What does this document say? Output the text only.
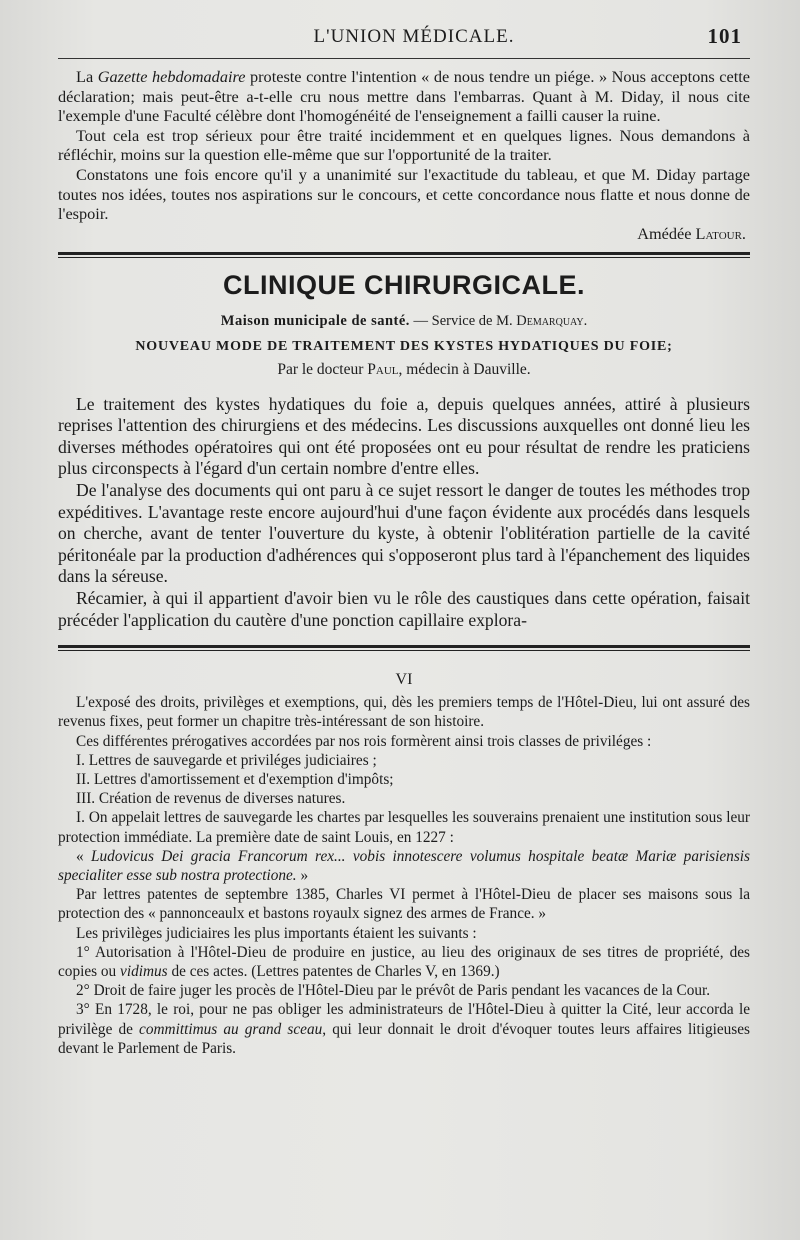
L'UNION MÉDICALE.	101

La Gazette hebdomadaire proteste contre l'intention « de nous tendre un piége. » Nous acceptons cette déclaration; mais peut-être a-t-elle cru nous mettre dans l'embarras. Quant à M. Diday, il nous cite l'exemple d'une Faculté célèbre dont l'homogénéité de l'enseignement a failli causer la ruine.

Tout cela est trop sérieux pour être traité incidemment et en quelques lignes. Nous demandons à réfléchir, moins sur la question elle-même que sur l'opportunité de la traiter.

Constatons une fois encore qu'il y a unanimité sur l'exactitude du tableau, et que M. Diday partage toutes nos idées, toutes nos aspirations sur le concours, et cette concordance nous flatte et nous donne de l'espoir.

Amédée Latour.
CLINIQUE CHIRURGICALE.
Maison municipale de santé. — Service de M. Demarquay.
NOUVEAU MODE DE TRAITEMENT DES KYSTES HYDATIQUES DU FOIE;
Par le docteur Paul, médecin à Dauville.

Le traitement des kystes hydatiques du foie a, depuis quelques années, attiré à plusieurs reprises l'attention des chirurgiens et des médecins. Les discussions auxquelles ont donné lieu les diverses méthodes opératoires qui ont été proposées ont eu pour résultat de rendre les praticiens plus circonspects à l'égard d'un certain nombre d'entre elles.

De l'analyse des documents qui ont paru à ce sujet ressort le danger de toutes les méthodes trop expéditives. L'avantage reste encore aujourd'hui d'une façon évidente aux procédés dans lesquels on cherche, avant de tenter l'ouverture du kyste, à obtenir l'oblitération partielle de la cavité péritonéale par la production d'adhérences qui s'opposeront plus tard à l'épanchement des liquides dans la séreuse.

Récamier, à qui il appartient d'avoir bien vu le rôle des caustiques dans cette opération, faisait précéder l'application du cautère d'une ponction capillaire explora-

VI

L'exposé des droits, privilèges et exemptions, qui, dès les premiers temps de l'Hôtel-Dieu, lui ont assuré des revenus fixes, peut former un chapitre très-intéressant de son histoire.

Ces différentes prérogatives accordées par nos rois formèrent ainsi trois classes de priviléges :

I. Lettres de sauvegarde et priviléges judiciaires ;

II. Lettres d'amortissement et d'exemption d'impôts;

III. Création de revenus de diverses natures.

I. On appelait lettres de sauvegarde les chartes par lesquelles les souverains prenaient une institution sous leur protection immédiate. La première date de saint Louis, en 1227 :

« Ludovicus Dei gracia Francorum rex... vobis innotescere volumus hospitale beatæ Mariæ parisiensis specialiter esse sub nostra protectione. »

Par lettres patentes de septembre 1385, Charles VI permet à l'Hôtel-Dieu de placer ses maisons sous la protection des « pannonceaulx et bastons royaulx signez des armes de France. »

Les privilèges judiciaires les plus importants étaient les suivants :

1° Autorisation à l'Hôtel-Dieu de produire en justice, au lieu des originaux de ses titres de propriété, des copies ou vidimus de ces actes. (Lettres patentes de Charles V, en 1369.)

2° Droit de faire juger les procès de l'Hôtel-Dieu par le prévôt de Paris pendant les vacances de la Cour.

3° En 1728, le roi, pour ne pas obliger les administrateurs de l'Hôtel-Dieu à quitter la Cité, leur accorda le privilège de committimus au grand sceau, qui leur donnait le droit d'évoquer toutes leurs affaires litigieuses devant le Parlement de Paris.
